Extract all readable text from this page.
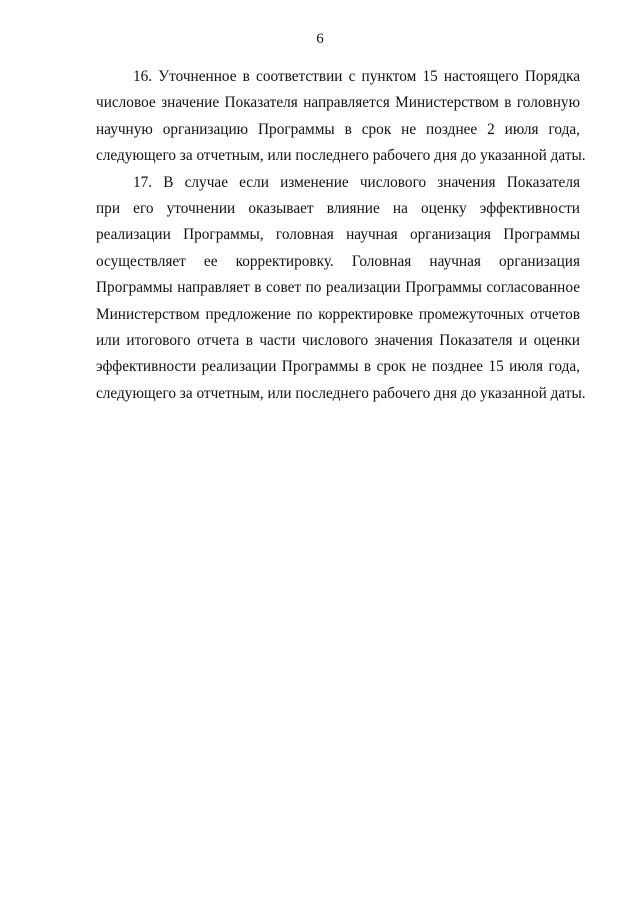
6
16. Уточненное в соответствии с пунктом 15 настоящего Порядка
числовое значение Показателя направляется Министерством в головную
научную организацию Программы в срок не позднее 2 июля года,
следующего за отчетным, или последнего рабочего дня до указанной даты.
17. В случае если изменение числового значения Показателя
при его уточнении оказывает влияние на оценку эффективности
реализации Программы, головная научная организация Программы
осуществляет ее корректировку. Головная научная организация
Программы направляет в совет по реализации Программы согласованное
Министерством предложение по корректировке промежуточных отчетов
или итогового отчета в части числового значения Показателя и оценки
эффективности реализации Программы в срок не позднее 15 июля года,
следующего за отчетным, или последнего рабочего дня до указанной даты.
